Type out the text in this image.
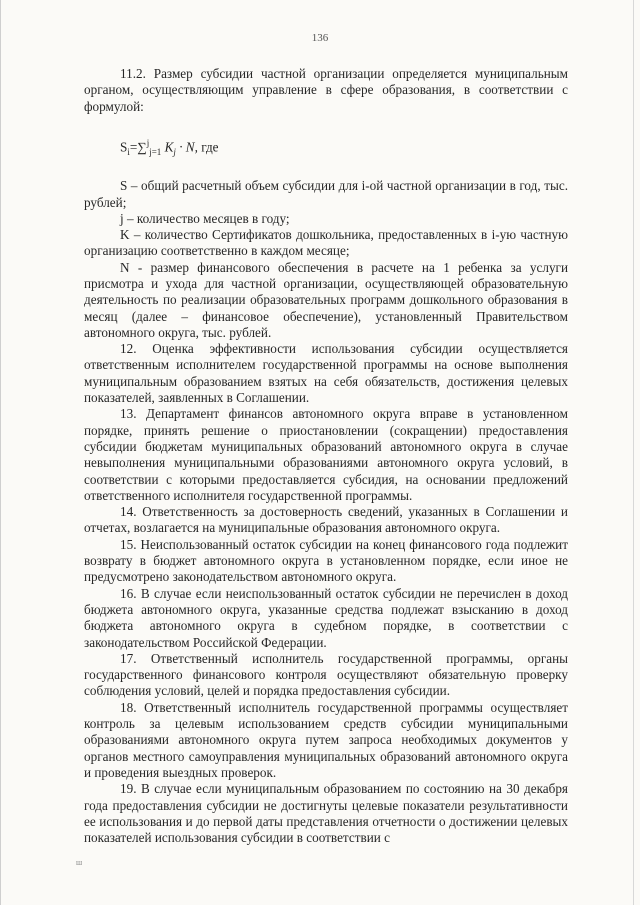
136

11.2. Размер субсидии частной организации определяется муниципальным органом, осуществляющим управление в сфере образования, в соответствии с формулой:

$S_i=\sum^j_{j=1}$ $K_j \cdot N$, где

S – общий расчетный объем субсидии для i-ой частной организации в год, тыс. рублей;

j – количество месяцев в году;

K – количество Сертификатов дошкольника, предоставленных в i-ую частную организацию соответственно в каждом месяце;

N - размер финансового обеспечения в расчете на 1 ребенка за услуги присмотра и ухода для частной организации, осуществляющей образовательную деятельность по реализации образовательных программ дошкольного образования в месяц (далее – финансовое обеспечение), установленный Правительством автономного округа, тыс. рублей.

12. Оценка эффективности использования субсидии осуществляется ответственным исполнителем государственной программы на основе выполнения муниципальным образованием взятых на себя обязательств, достижения целевых показателей, заявленных в Соглашении.

13. Департамент финансов автономного округа вправе в установленном порядке, принять решение о приостановлении (сокращении) предоставления субсидии бюджетам муниципальных образований автономного округа в случае невыполнения муниципальными образованиями автономного округа условий, в соответствии с которыми предоставляется субсидия, на основании предложений ответственного исполнителя государственной программы.

14. Ответственность за достоверность сведений, указанных в Соглашении и отчетах, возлагается на муниципальные образования автономного округа.

15. Неиспользованный остаток субсидии на конец финансового года подлежит возврату в бюджет автономного округа в установленном порядке, если иное не предусмотрено законодательством автономного округа.

16. В случае если неиспользованный остаток субсидии не перечислен в доход бюджета автономного округа, указанные средства подлежат взысканию в доход бюджета автономного округа в судебном порядке, в соответствии с законодательством Российской Федерации.

17. Ответственный исполнитель государственной программы, органы государственного финансового контроля осуществляют обязательную проверку соблюдения условий, целей и порядка предоставления субсидии.

18. Ответственный исполнитель государственной программы осуществляет контроль за целевым использованием средств субсидии муниципальными образованиями автономного округа путем запроса необходимых документов у органов местного самоуправления муниципальных образований автономного округа и проведения выездных проверок.

19. В случае если муниципальным образованием по состоянию на 30 декабря года предоставления субсидии не достигнуты целевые показатели результативности ее использования и до первой даты представления отчетности о достижении целевых показателей использования субсидии в соответствии с

ш
